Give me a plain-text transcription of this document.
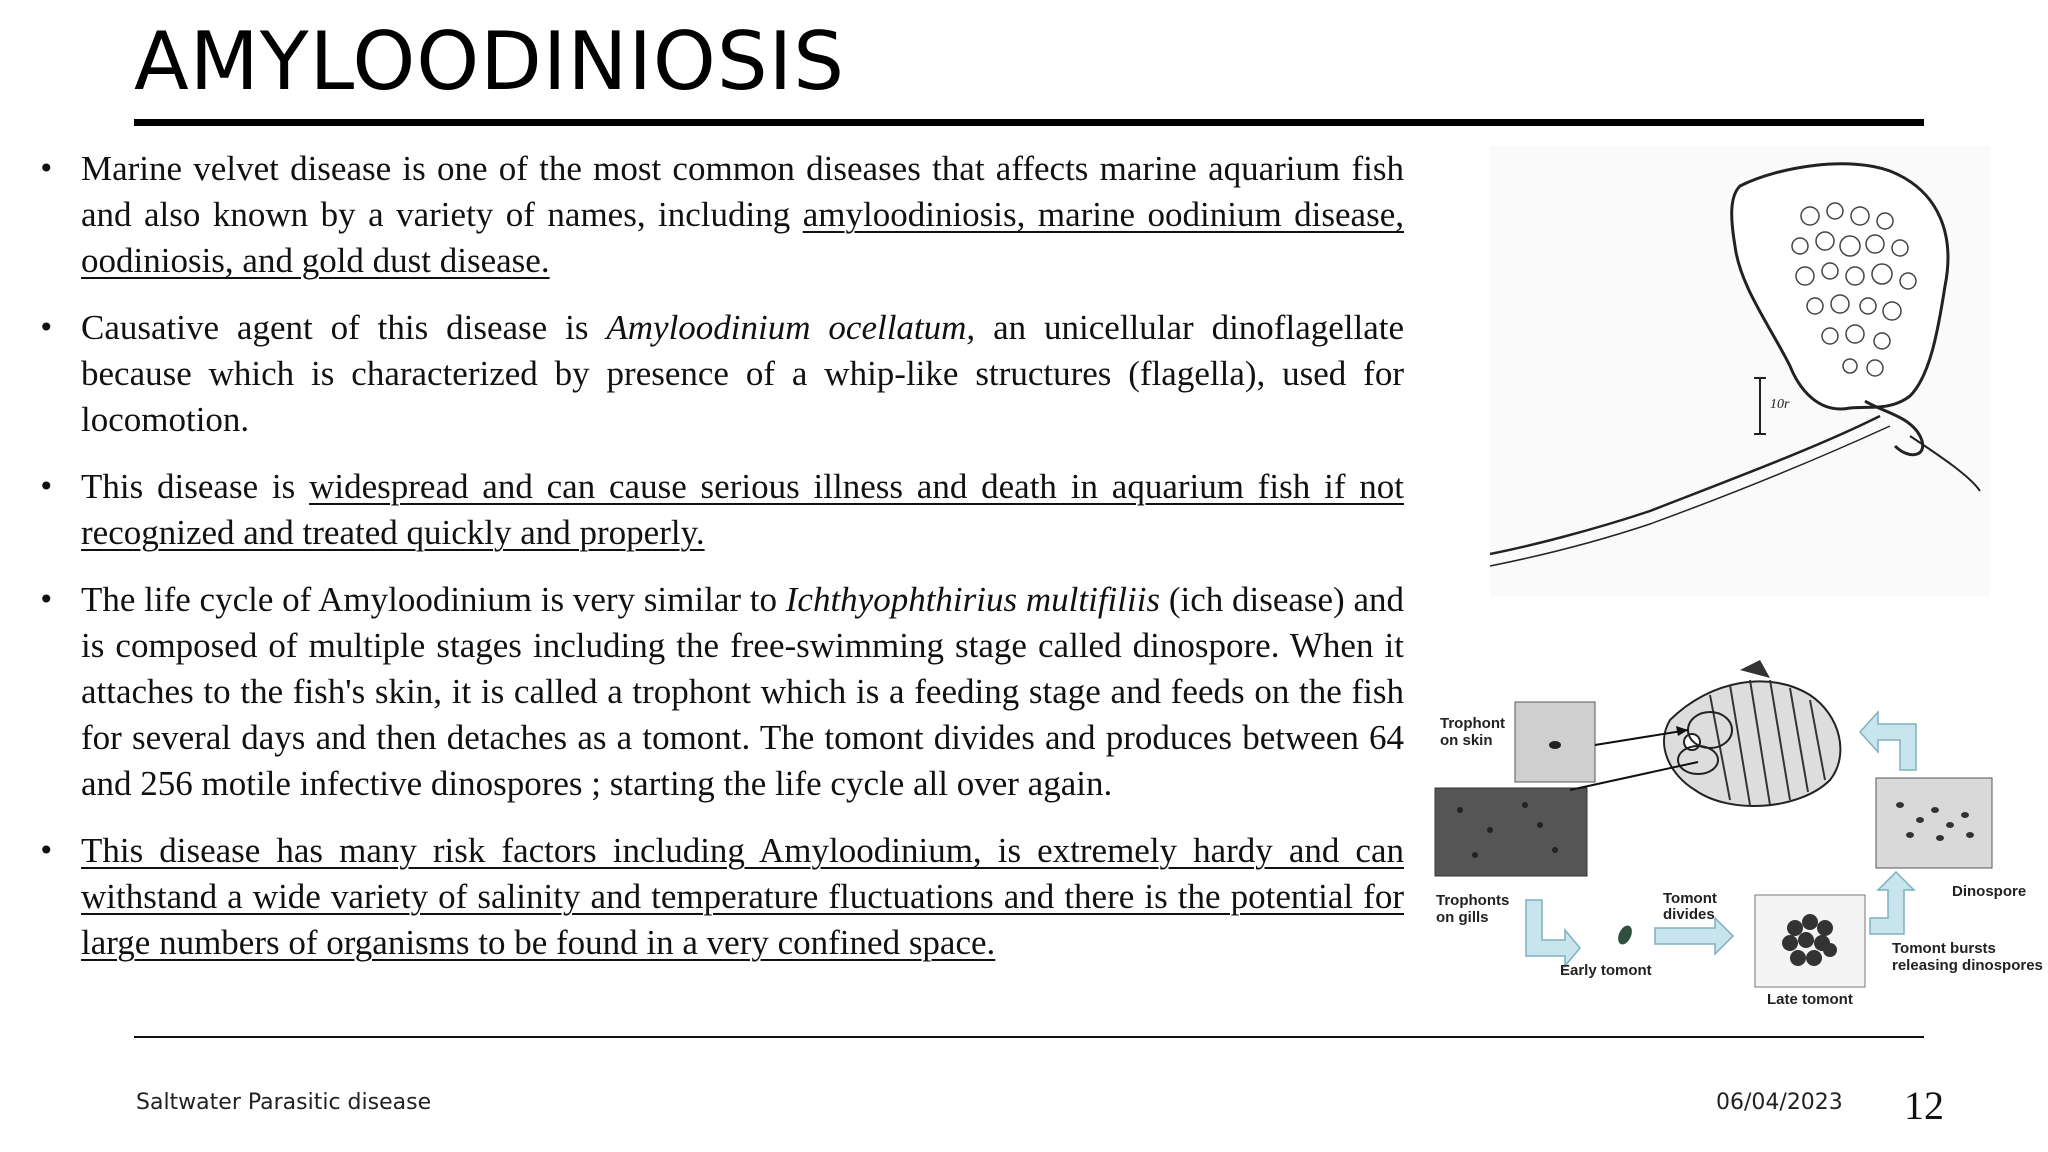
AMYLOODINIOSIS
• Marine velvet disease is one of the most common diseases that affects marine aquarium fish and also known by a variety of names, including amyloodiniosis, marine oodinium disease, oodiniosis, and gold dust disease.
• Causative agent of this disease is Amyloodinium ocellatum, an unicellular dinoflagellate because which is characterized by presence of a whip-like structures (flagella), used for locomotion.
• This disease is widespread and can cause serious illness and death in aquarium fish if not recognized and treated quickly and properly.
• The life cycle of Amyloodinium is very similar to Ichthyophthirius multifiliis (ich disease) and is composed of multiple stages including the free-swimming stage called dinospore. When it attaches to the fish's skin, it is called a trophont which is a feeding stage and feeds on the fish for several days and then detaches as a tomont. The tomont divides and produces between 64 and 256 motile infective dinospores ; starting the life cycle all over again.
• This disease has many risk factors including Amyloodinium, is extremely hardy and can withstand a wide variety of salinity and temperature fluctuations and there is the potential for large numbers of organisms to be found in a very confined space.
10r
Trophont
on skin
Trophonts
on gills
Early tomont
Tomont
divides
Late tomont
Tomont bursts
releasing dinospores
Dinospore
Saltwater Parasitic disease	06/04/2023 12
